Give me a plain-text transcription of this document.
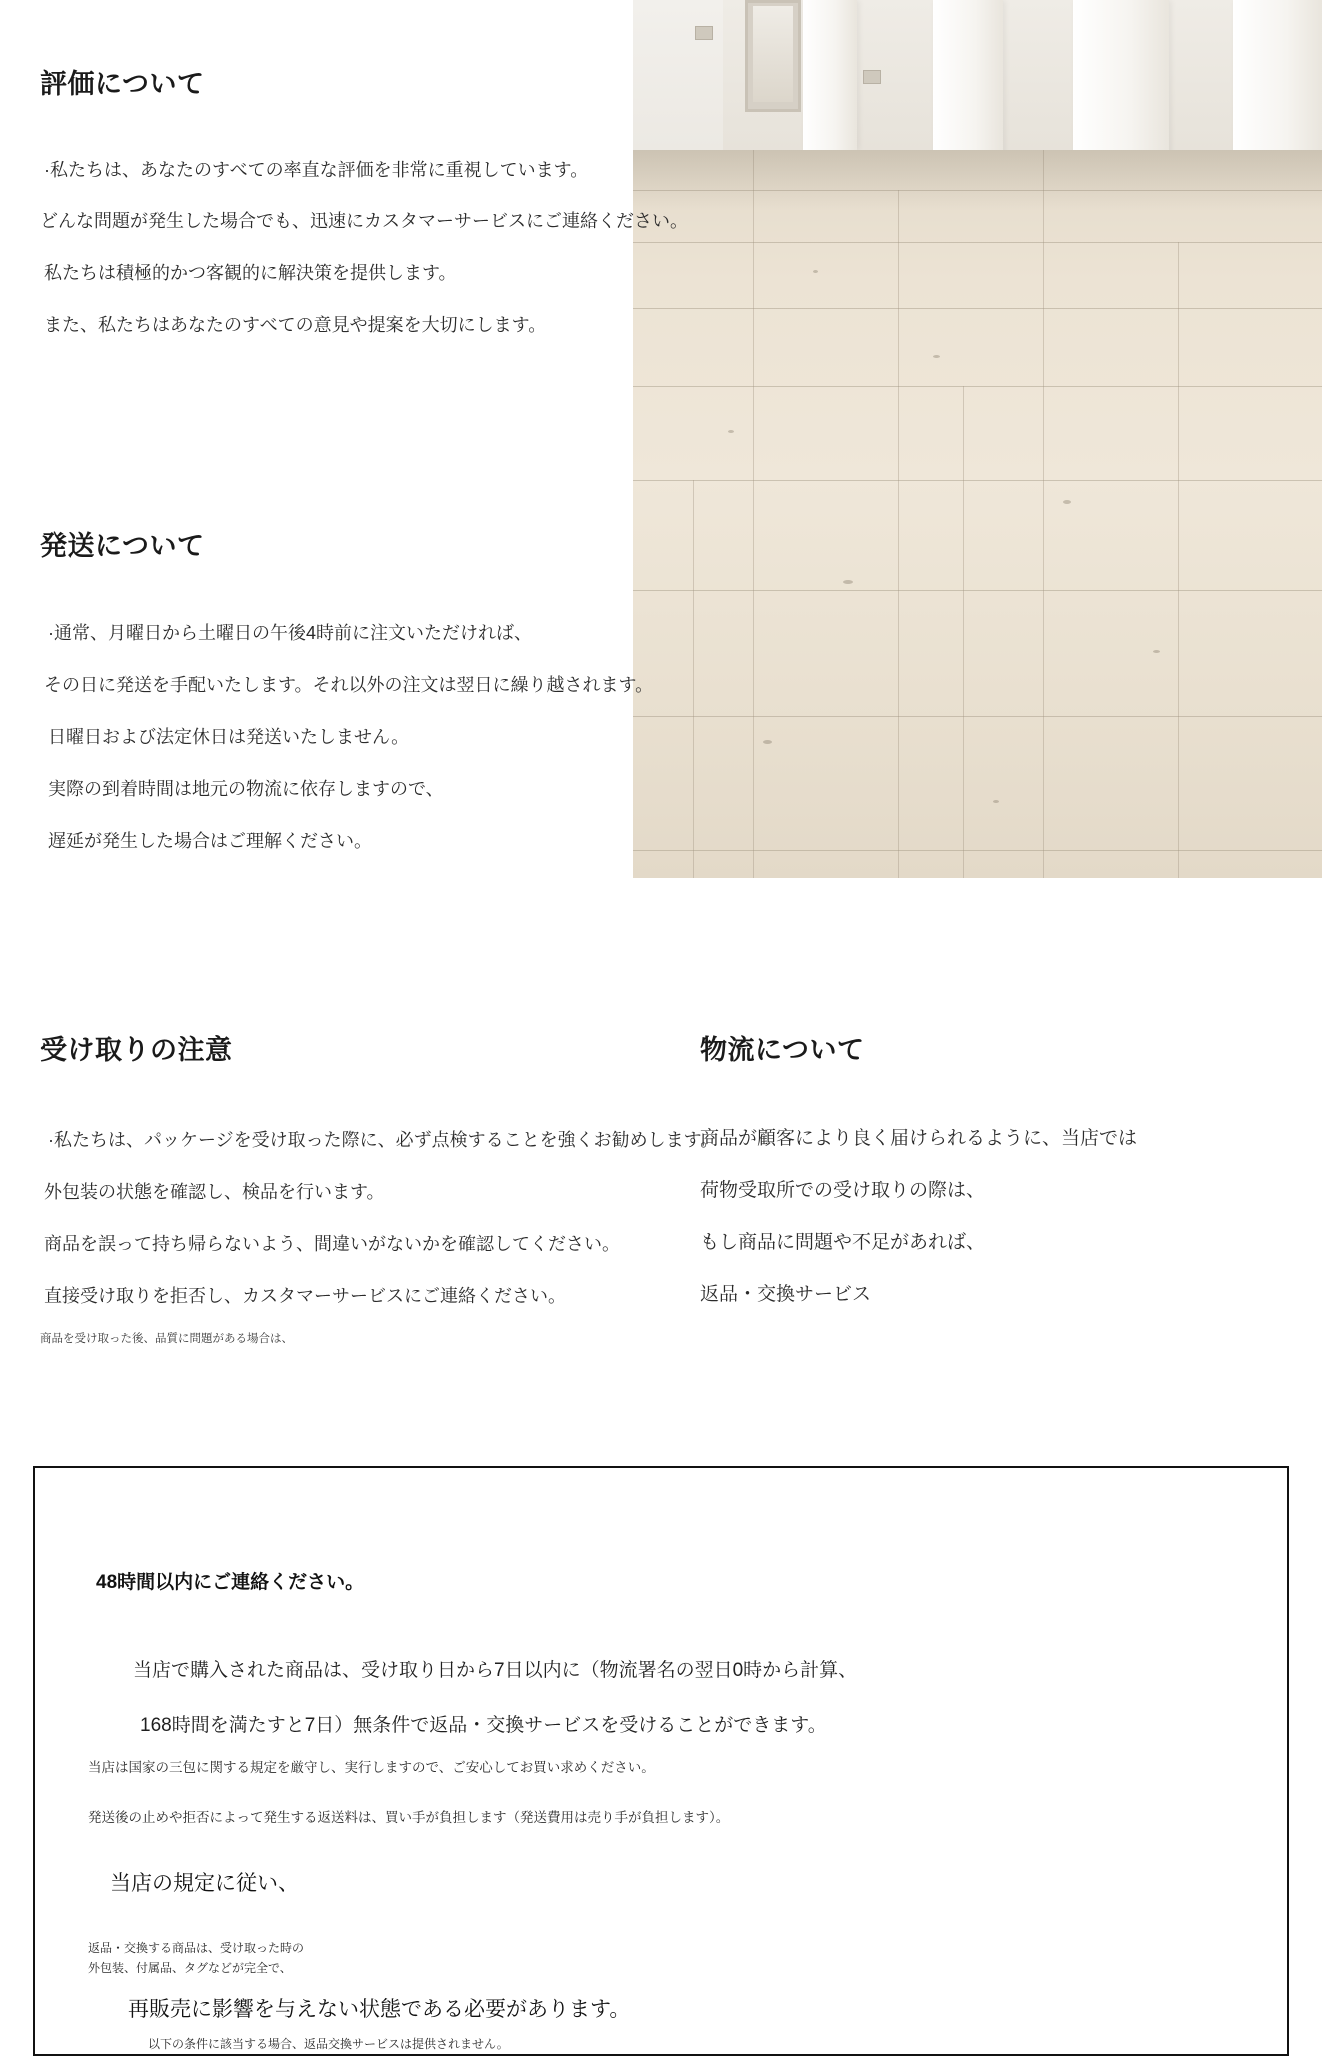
評価について
·私たちは、あなたのすべての率直な評価を非常に重視しています。
どんな問題が発生した場合でも、迅速にカスタマーサービスにご連絡ください。
私たちは積極的かつ客観的に解決策を提供します。
また、私たちはあなたのすべての意見や提案を大切にします。
発送について
·通常、月曜日から土曜日の午後4時前に注文いただければ、
その日に発送を手配いたします。それ以外の注文は翌日に繰り越されます。
日曜日および法定休日は発送いたしません。
実際の到着時間は地元の物流に依存しますので、
遅延が発生した場合はご理解ください。
受け取りの注意
·私たちは、パッケージを受け取った際に、必ず点検することを強くお勧めします。
外包装の状態を確認し、検品を行います。
商品を誤って持ち帰らないよう、間違いがないかを確認してください。
直接受け取りを拒否し、カスタマーサービスにご連絡ください。
商品を受け取った後、品質に問題がある場合は、
物流について
商品が顧客により良く届けられるように、当店では
荷物受取所での受け取りの際は、
もし商品に問題や不足があれば、
返品・交換サービス
48時間以内にご連絡ください。
当店で購入された商品は、受け取り日から7日以内に（物流署名の翌日0時から計算、
168時間を満たすと7日）無条件で返品・交換サービスを受けることができます。
当店は国家の三包に関する規定を厳守し、実行しますので、ご安心してお買い求めください。
発送後の止めや拒否によって発生する返送料は、買い手が負担します（発送費用は売り手が負担します）。
当店の規定に従い、
返品・交換する商品は、受け取った時の
外包装、付属品、タグなどが完全で、
再販売に影響を与えない状態である必要があります。
以下の条件に該当する場合、返品交換サービスは提供されません。
